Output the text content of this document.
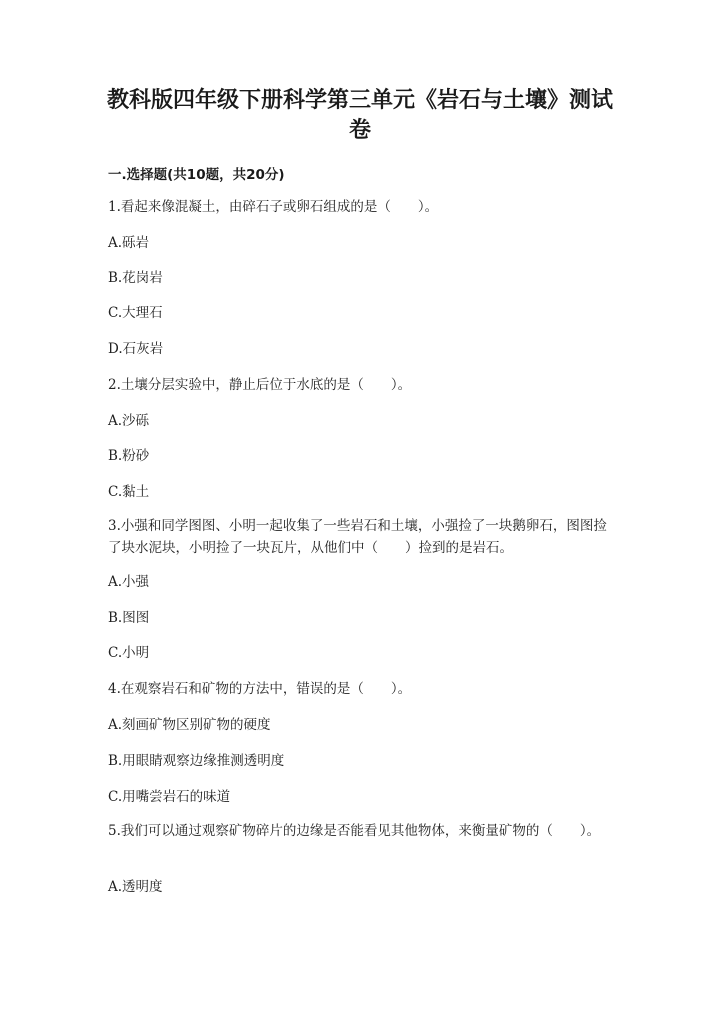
教科版四年级下册科学第三单元《岩石与土壤》测试卷
一.选择题(共10题，共20分)
1.看起来像混凝土，由碎石子或卵石组成的是（　　）。
A.砾岩
B.花岗岩
C.大理石
D.石灰岩
2.土壤分层实验中，静止后位于水底的是（　　）。
A.沙砾
B.粉砂
C.黏土
3.小强和同学图图、小明一起收集了一些岩石和土壤，小强捡了一块鹅卵石，图图捡了块水泥块，小明捡了一块瓦片，从他们中（　　）捡到的是岩石。
A.小强
B.图图
C.小明
4.在观察岩石和矿物的方法中，错误的是（　　）。
A.刻画矿物区别矿物的硬度
B.用眼睛观察边缘推测透明度
C.用嘴尝岩石的味道
5.我们可以通过观察矿物碎片的边缘是否能看见其他物体，来衡量矿物的（　　）。
A.透明度
